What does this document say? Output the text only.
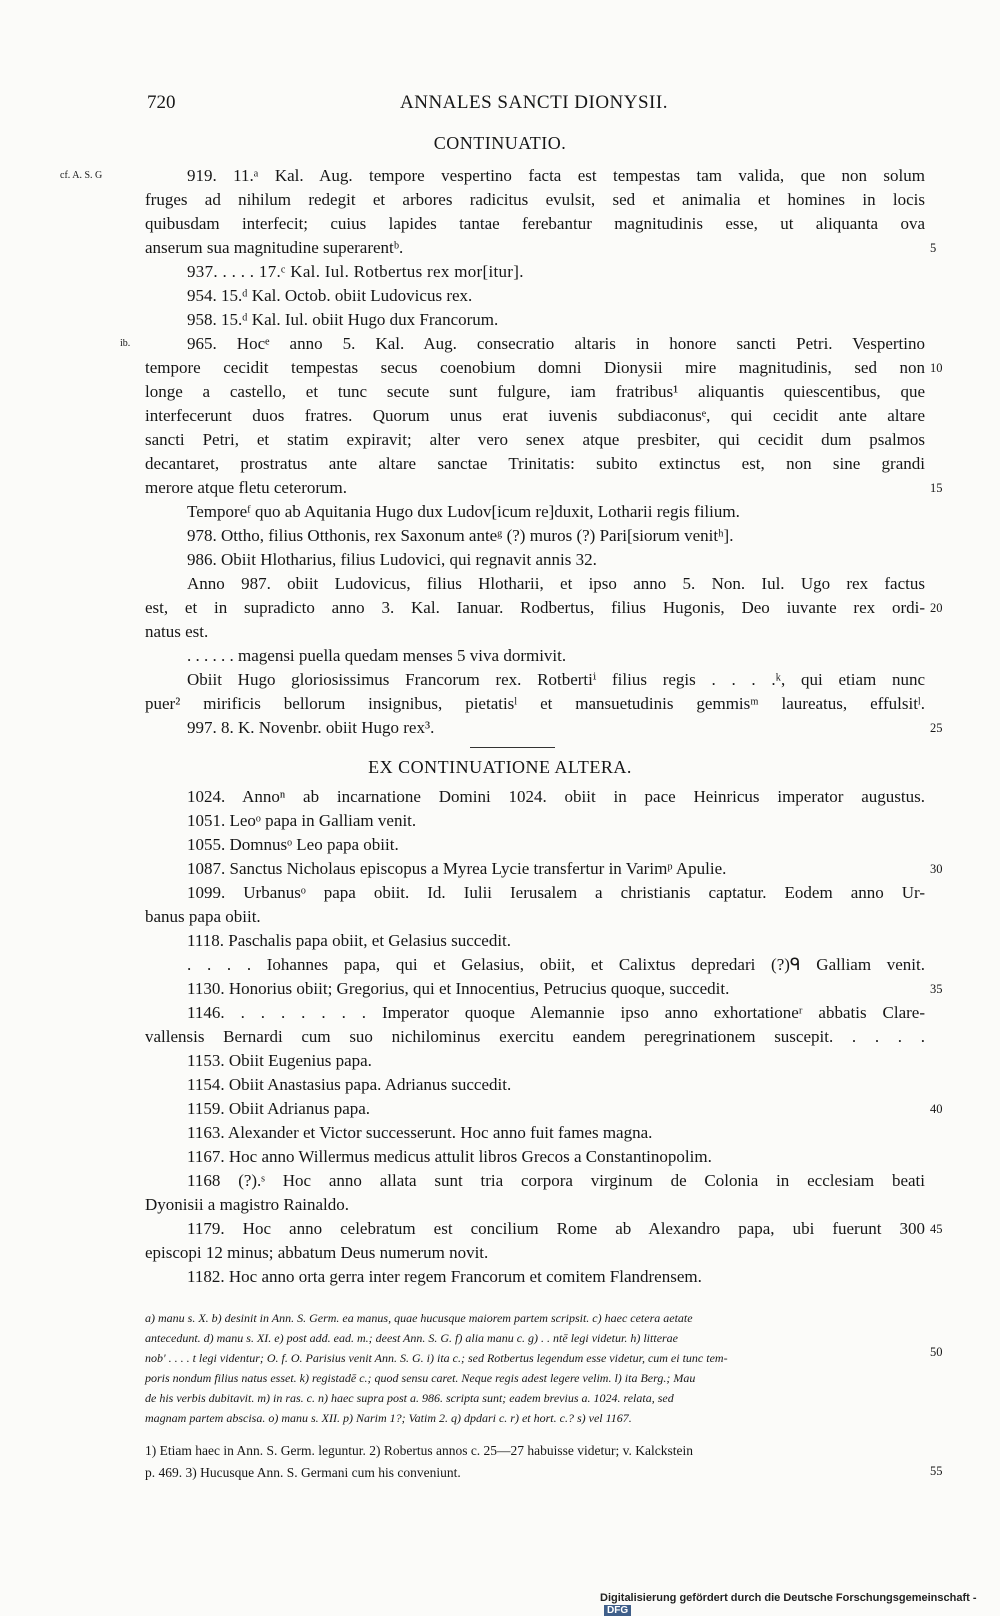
720	ANNALES SANCTI DIONYSII.
CONTINUATIO.
cf. A. S. G
ib.
919. 11.ᵃ Kal. Aug. tempore vespertino facta est tempestas tam valida, que non solum
fruges ad nihilum redegit et arbores radicitus evulsit, sed et animalia et homines in locis
quibusdam interfecit; cuius lapides tantae ferebantur magnitudinis esse, ut aliquanta ova
anserum sua magnitudine superarentᵇ.
937. . . . . 17.ᶜ Kal. Iul. Rotbertus rex mor[itur].
954. 15.ᵈ Kal. Octob. obiit Ludovicus rex.
958. 15.ᵈ Kal. Iul. obiit Hugo dux Francorum.
965. Hocᵉ anno 5. Kal. Aug. consecratio altaris in honore sancti Petri. Vespertino
tempore cecidit tempestas secus coenobium domni Dionysii mire magnitudinis, sed non
longe a castello, et tunc secute sunt fulgure, iam fratribus¹ aliquantis quiescentibus, que
interfecerunt duos fratres. Quorum unus erat iuvenis subdiaconusᵉ, qui cecidit ante altare
sancti Petri, et statim expiravit; alter vero senex atque presbiter, qui cecidit dum psalmos
decantaret, prostratus ante altare sanctae Trinitatis: subito extinctus est, non sine grandi
merore atque fletu ceterorum.
Temporeᶠ quo ab Aquitania Hugo dux Ludov[icum re]duxit, Lotharii regis filium.
978. Ottho, filius Otthonis, rex Saxonum anteᵍ (?) muros (?) Pari[siorum venitʰ].
986. Obiit Hlotharius, filius Ludovici, qui regnavit annis 32.
Anno 987. obiit Ludovicus, filius Hlotharii, et ipso anno 5. Non. Iul. Ugo rex factus
est, et in supradicto anno 3. Kal. Ianuar. Rodbertus, filius Hugonis, Deo iuvante rex ordi-
natus est.
. . . . . . magensi puella quedam menses 5 viva dormivit.
Obiit Hugo gloriosissimus Francorum rex. Rotbertiⁱ filius regis . . . .ᵏ, qui etiam nunc
puer² mirificis bellorum insignibus, pietatisˡ et mansuetudinis gemmisᵐ laureatus, effulsitˡ.
997. 8. K. Novenbr. obiit Hugo rex³.
EX CONTINUATIONE ALTERA.
1024. Annoⁿ ab incarnatione Domini 1024. obiit in pace Heinricus imperator augustus.
1051. Leoᵒ papa in Galliam venit.
1055. Domnusᵒ Leo papa obiit.
1087. Sanctus Nicholaus episcopus a Myrea Lycie transfertur in Varimᵖ Apulie.
1099. Urbanusᵒ papa obiit. Id. Iulii Ierusalem a christianis captatur. Eodem anno Ur-
banus papa obiit.
1118. Paschalis papa obiit, et Gelasius succedit.
. . . . Iohannes papa, qui et Gelasius, obiit, et Calixtus depredari (?)ᑫ Galliam venit.
1130. Honorius obiit; Gregorius, qui et Innocentius, Petrucius quoque, succedit.
1146. . . . . . . . Imperator quoque Alemannie ipso anno exhortationeʳ abbatis Clare-
vallensis Bernardi cum suo nichilominus exercitu eandem peregrinationem suscepit. . . . .
1153. Obiit Eugenius papa.
1154. Obiit Anastasius papa. Adrianus succedit.
1159. Obiit Adrianus papa.
1163. Alexander et Victor successerunt. Hoc anno fuit fames magna.
1167. Hoc anno Willermus medicus attulit libros Grecos a Constantinopolim.
1168 (?).ˢ Hoc anno allata sunt tria corpora virginum de Colonia in ecclesiam beati
Dyonisii a magistro Rainaldo.
1179. Hoc anno celebratum est concilium Rome ab Alexandro papa, ubi fuerunt 300
episcopi 12 minus; abbatum Deus numerum novit.
1182. Hoc anno orta gerra inter regem Francorum et comitem Flandrensem.
5
10
15
20
25
30
35
40
45
50
55
a) manu s. X. b) desinit in Ann. S. Germ. ea manus, quae hucusque maiorem partem scripsit. c) haec cetera aetate
antecedunt. d) manu s. XI. e) post add. ead. m.; deest Ann. S. G. f) alia manu c. g) . . ntē legi videtur. h) litterae
nob' . . . . t legi videntur; O. f. O. Parisius venit Ann. S. G. i) ita c.; sed Rotbertus legendum esse videtur, cum ei tunc tem-
poris nondum filius natus esset. k) registadē c.; quod sensu caret. Neque regis adest legere velim. l) ita Berg.; Mau
de his verbis dubitavit. m) in ras. c. n) haec supra post a. 986. scripta sunt; eadem brevius a. 1024. relata, sed
magnam partem abscisa. o) manu s. XII. p) Narim 1?; Vatim 2. q) dpdari c. r) et hort. c.? s) vel 1167.
1) Etiam haec in Ann. S. Germ. leguntur. 2) Robertus annos c. 25—27 habuisse videtur; v. Kalckstein
p. 469. 3) Hucusque Ann. S. Germani cum his conveniunt.
Digitalisierung gefördert durch die Deutsche Forschungsgemeinschaft -DFG
